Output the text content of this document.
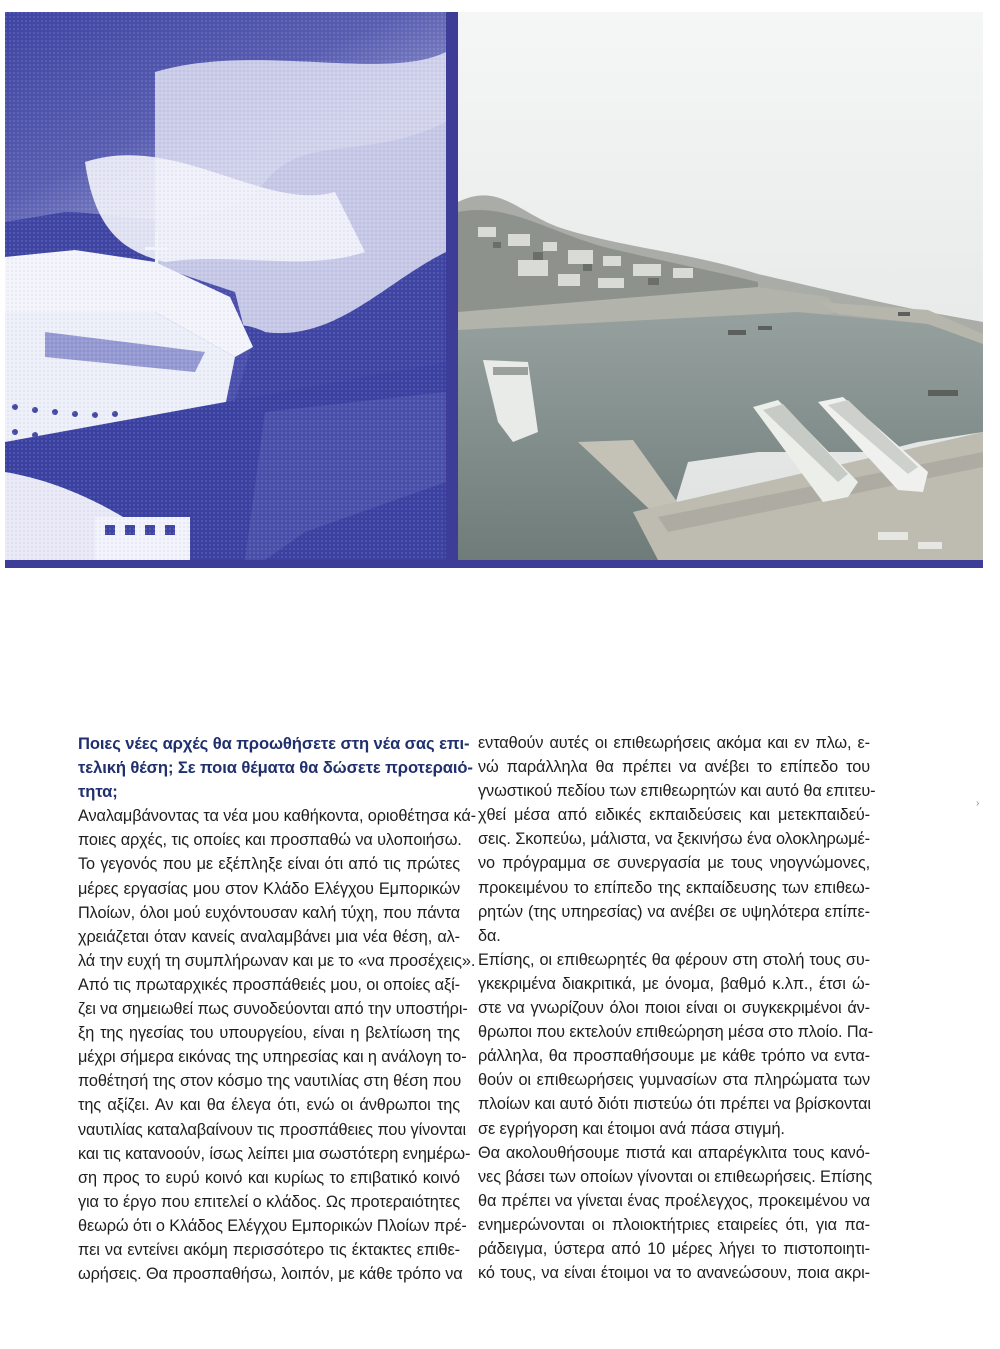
Ποιες νέες αρχές θα προωθήσετε στη νέα σας επι-
τελική θέση; Σε ποια θέματα θα δώσετε προτεραιό-
τητα;
Αναλαμβάνοντας τα νέα μου καθήκοντα, οριοθέτησα κά-
ποιες αρχές, τις οποίες και προσπαθώ να υλοποιήσω.
Το γεγονός που με εξέπληξε είναι ότι από τις πρώτες
μέρες εργασίας μου στον Κλάδο Ελέγχου Εμπορικών
Πλοίων, όλοι μού ευχόντουσαν καλή τύχη, που πάντα
χρειάζεται όταν κανείς αναλαμβάνει μια νέα θέση, αλ-
λά την ευχή τη συμπλήρωναν και με το «να προσέχεις».
Από τις πρωταρχικές προσπάθειές μου, οι οποίες αξί-
ζει να σημειωθεί πως συνοδεύονται από την υποστήρι-
ξη της ηγεσίας του υπουργείου, είναι η βελτίωση της
μέχρι σήμερα εικόνας της υπηρεσίας και η ανάλογη το-
ποθέτησή της στον κόσμο της ναυτιλίας στη θέση που
της αξίζει. Αν και θα έλεγα ότι, ενώ οι άνθρωποι της
ναυτιλίας καταλαβαίνουν τις προσπάθειες που γίνονται
και τις κατανοούν, ίσως λείπει μια σωστότερη ενημέρω-
ση προς το ευρύ κοινό και κυρίως το επιβατικό κοινό
για το έργο που επιτελεί ο κλάδος. Ως προτεραιότητες
θεωρώ ότι ο Κλάδος Ελέγχου Εμπορικών Πλοίων πρέ-
πει να εντείνει ακόμη περισσότερο τις έκτακτες επιθε-
ωρήσεις. Θα προσπαθήσω, λοιπόν, με κάθε τρόπο να
ενταθούν αυτές οι επιθεωρήσεις ακόμα και εν πλω, ε-
νώ παράλληλα θα πρέπει να ανέβει το επίπεδο του
γνωστικού πεδίου των επιθεωρητών και αυτό θα επιτευ-
χθεί μέσα από ειδικές εκπαιδεύσεις και μετεκπαιδεύ-
σεις. Σκοπεύω, μάλιστα, να ξεκινήσω ένα ολοκληρωμέ-
νο πρόγραμμα σε συνεργασία με τους νηογνώμονες,
προκειμένου το επίπεδο της εκπαίδευσης των επιθεω-
ρητών (της υπηρεσίας) να ανέβει σε υψηλότερα επίπε-
δα.
Επίσης, οι επιθεωρητές θα φέρουν στη στολή τους συ-
γκεκριμένα διακριτικά, με όνομα, βαθμό κ.λπ., έτσι ώ-
στε να γνωρίζουν όλοι ποιοι είναι οι συγκεκριμένοι άν-
θρωποι που εκτελούν επιθεώρηση μέσα στο πλοίο. Πα-
ράλληλα, θα προσπαθήσουμε με κάθε τρόπο να εντα-
θούν οι επιθεωρήσεις γυμνασίων στα πληρώματα των
πλοίων και αυτό διότι πιστεύω ότι πρέπει να βρίσκονται
σε εγρήγορση και έτοιμοι ανά πάσα στιγμή.
Θα ακολουθήσουμε πιστά και απαρέγκλιτα τους κανό-
νες βάσει των οποίων γίνονται οι επιθεωρήσεις. Επίσης
θα πρέπει να γίνεται ένας προέλεγχος, προκειμένου να
ενημερώνονται οι πλοιοκτήτριες εταιρείες ότι, για πα-
ράδειγμα, ύστερα από 10 μέρες λήγει το πιστοποιητι-
κό τους, να είναι έτοιμοι να το ανανεώσουν, ποια ακρι-
›
